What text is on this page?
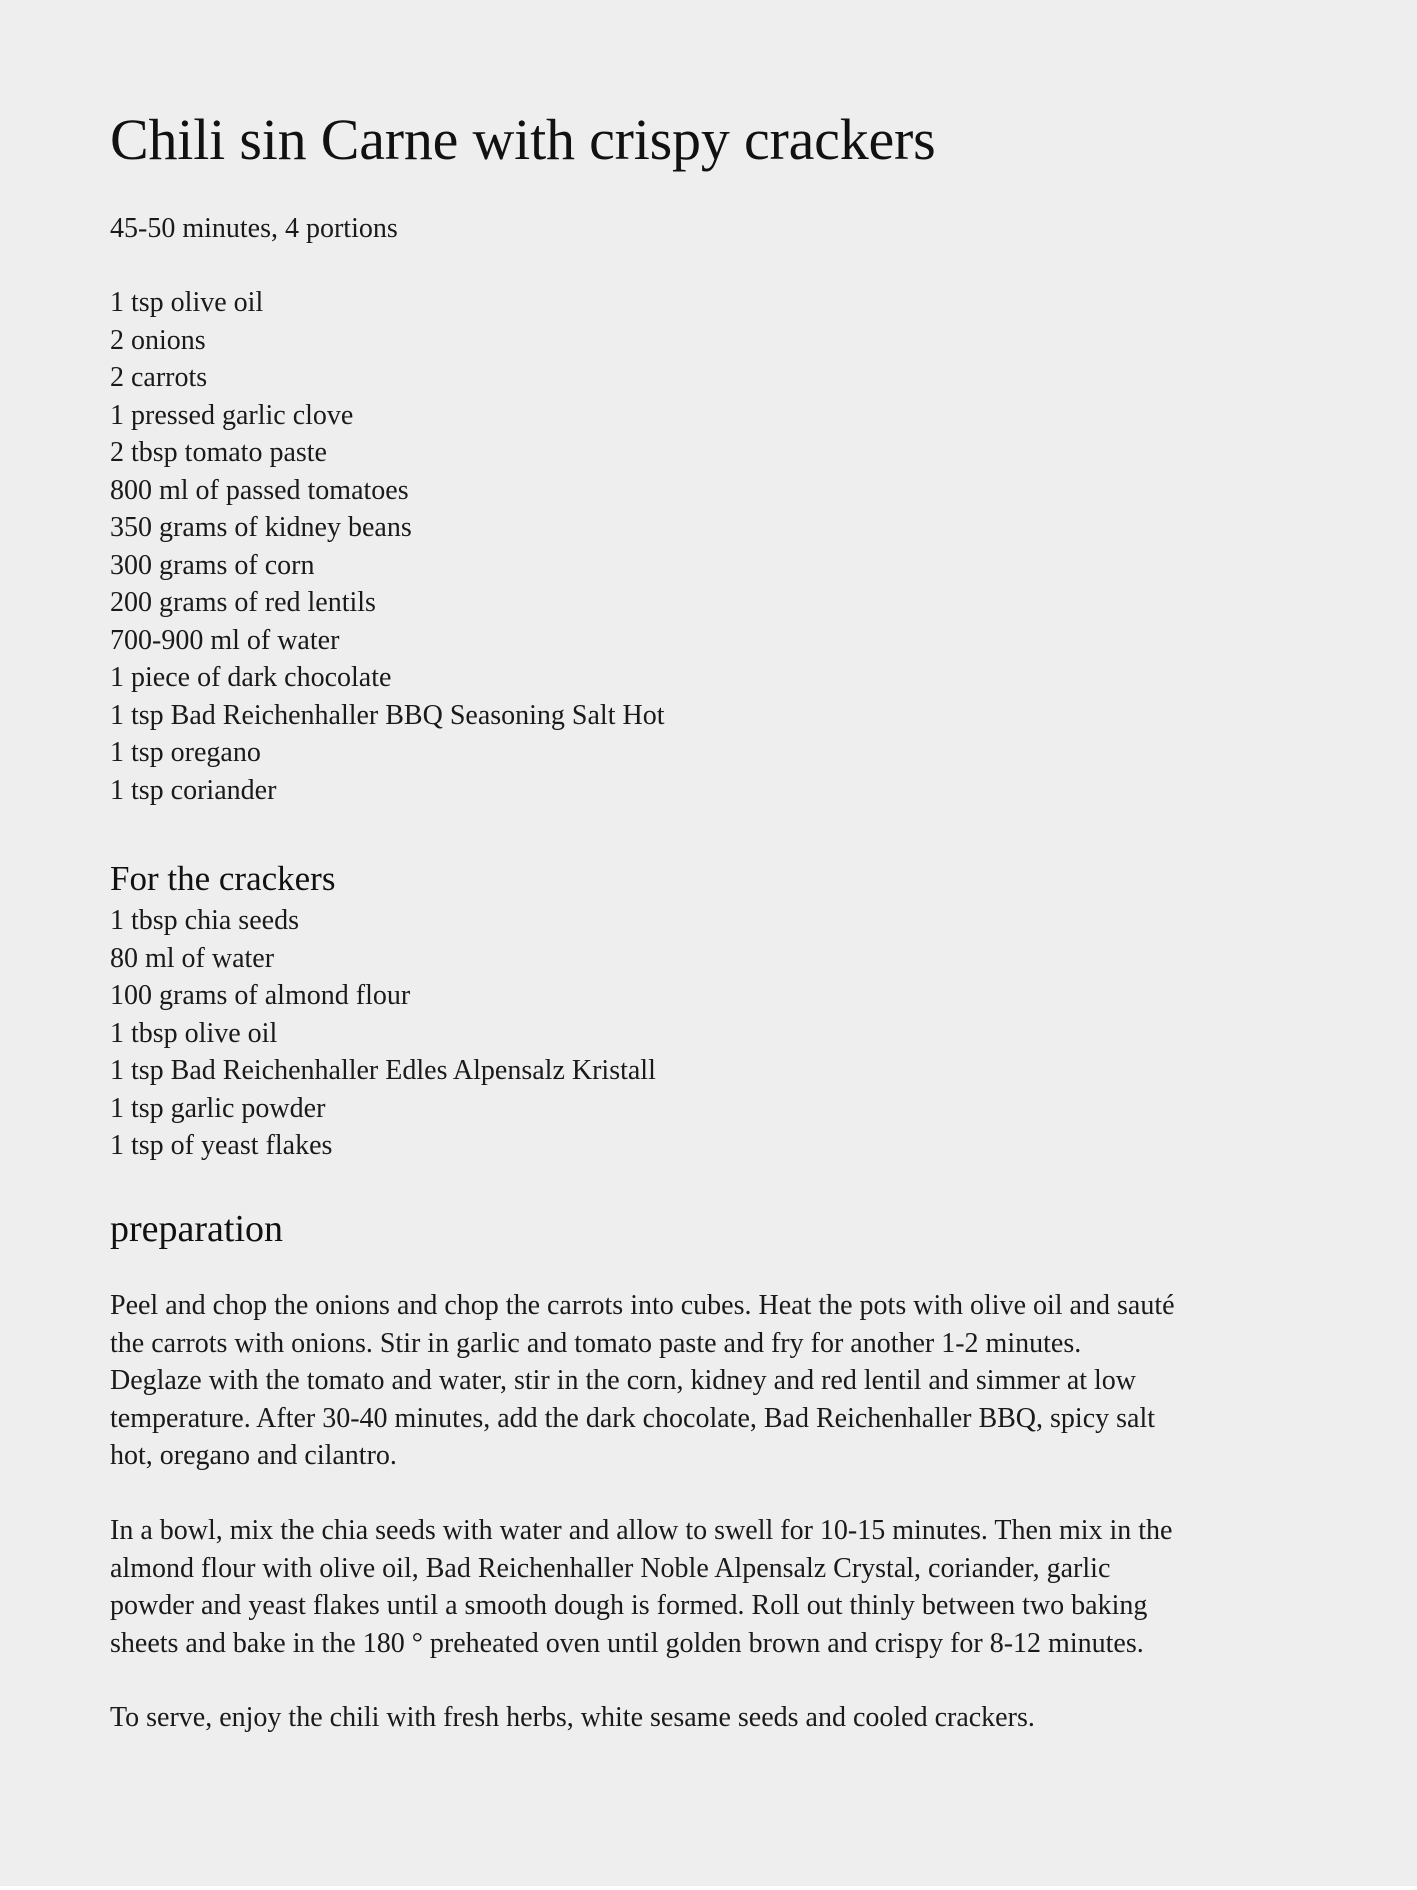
Chili sin Carne with crispy crackers

45-50 minutes, 4 portions

1 tsp olive oil
2 onions
2 carrots
1 pressed garlic clove
2 tbsp tomato paste
800 ml of passed tomatoes
350 grams of kidney beans
300 grams of corn
200 grams of red lentils
700-900 ml of water
1 piece of dark chocolate
1 tsp Bad Reichenhaller BBQ Seasoning Salt Hot
1 tsp oregano
1 tsp coriander
For the crackers
1 tbsp chia seeds
80 ml of water
100 grams of almond flour
1 tbsp olive oil
1 tsp Bad Reichenhaller Edles Alpensalz Kristall
1 tsp garlic powder
1 tsp of yeast flakes
preparation

Peel and chop the onions and chop the carrots into cubes. Heat the pots with olive oil and sauté
the carrots with onions. Stir in garlic and tomato paste and fry for another 1-2 minutes.
Deglaze with the tomato and water, stir in the corn, kidney and red lentil and simmer at low
temperature. After 30-40 minutes, add the dark chocolate, Bad Reichenhaller BBQ, spicy salt
hot, oregano and cilantro.

In a bowl, mix the chia seeds with water and allow to swell for 10-15 minutes. Then mix in the
almond flour with olive oil, Bad Reichenhaller Noble Alpensalz Crystal, coriander, garlic
powder and yeast flakes until a smooth dough is formed. Roll out thinly between two baking
sheets and bake in the 180 ° preheated oven until golden brown and crispy for 8-12 minutes.

To serve, enjoy the chili with fresh herbs, white sesame seeds and cooled crackers.
